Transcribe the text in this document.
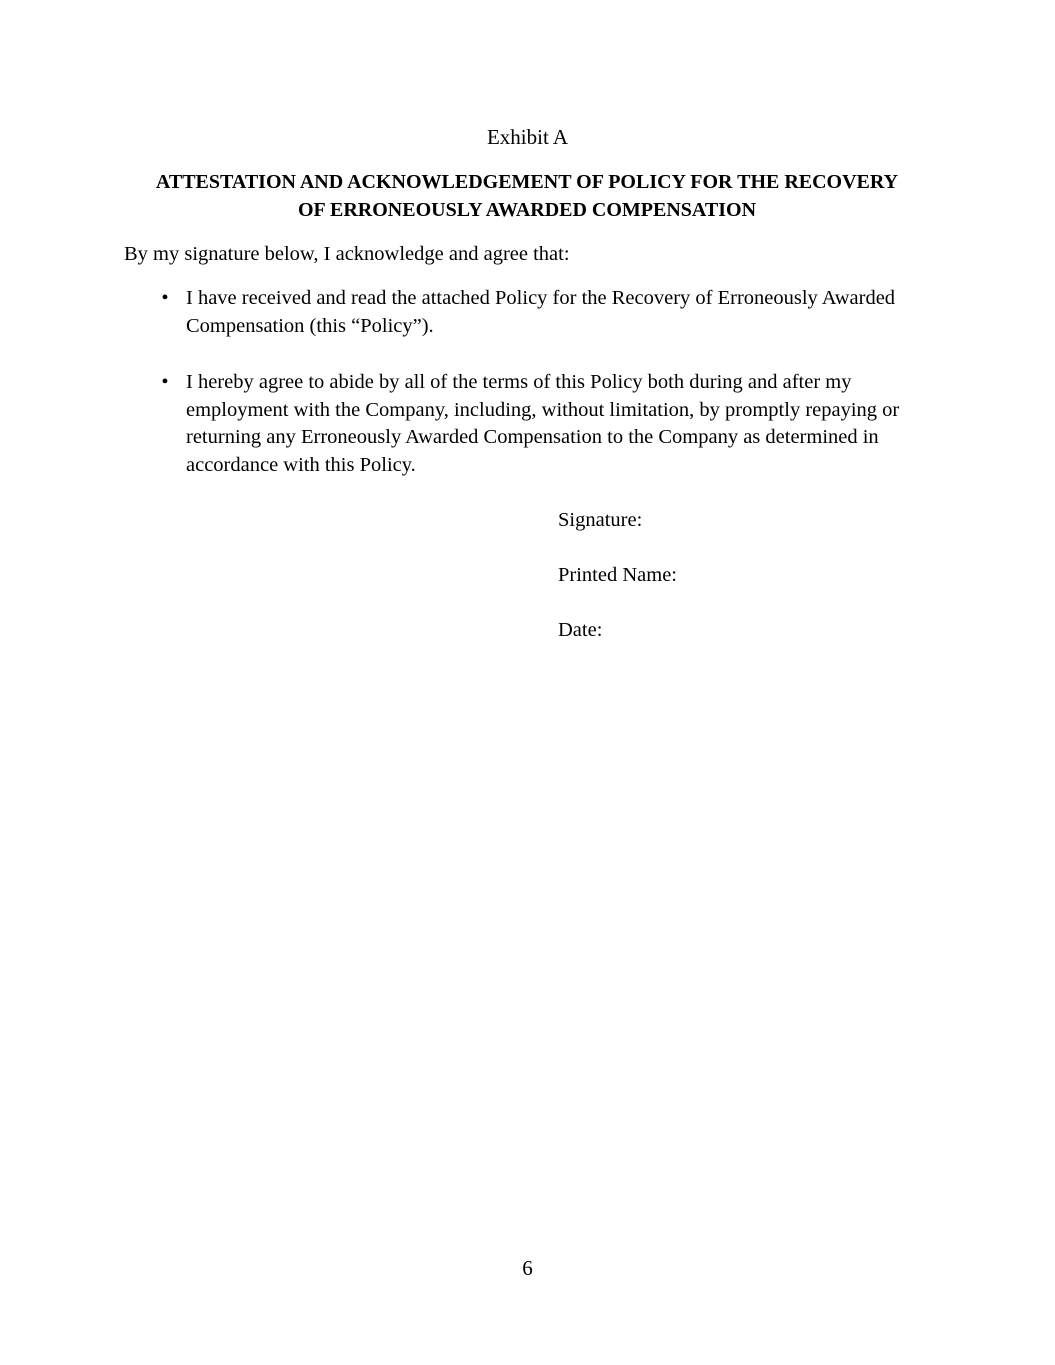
Exhibit A
ATTESTATION AND ACKNOWLEDGEMENT OF POLICY FOR THE RECOVERY
OF ERRONEOUSLY AWARDED COMPENSATION
By my signature below, I acknowledge and agree that:
• I have received and read the attached Policy for the Recovery of Erroneously Awarded Compensation (this “Policy”).
• I hereby agree to abide by all of the terms of this Policy both during and after my employment with the Company, including, without limitation, by promptly repaying or returning any Erroneously Awarded Compensation to the Company as determined in accordance with this Policy.
Signature:
Printed Name:
Date:
6
